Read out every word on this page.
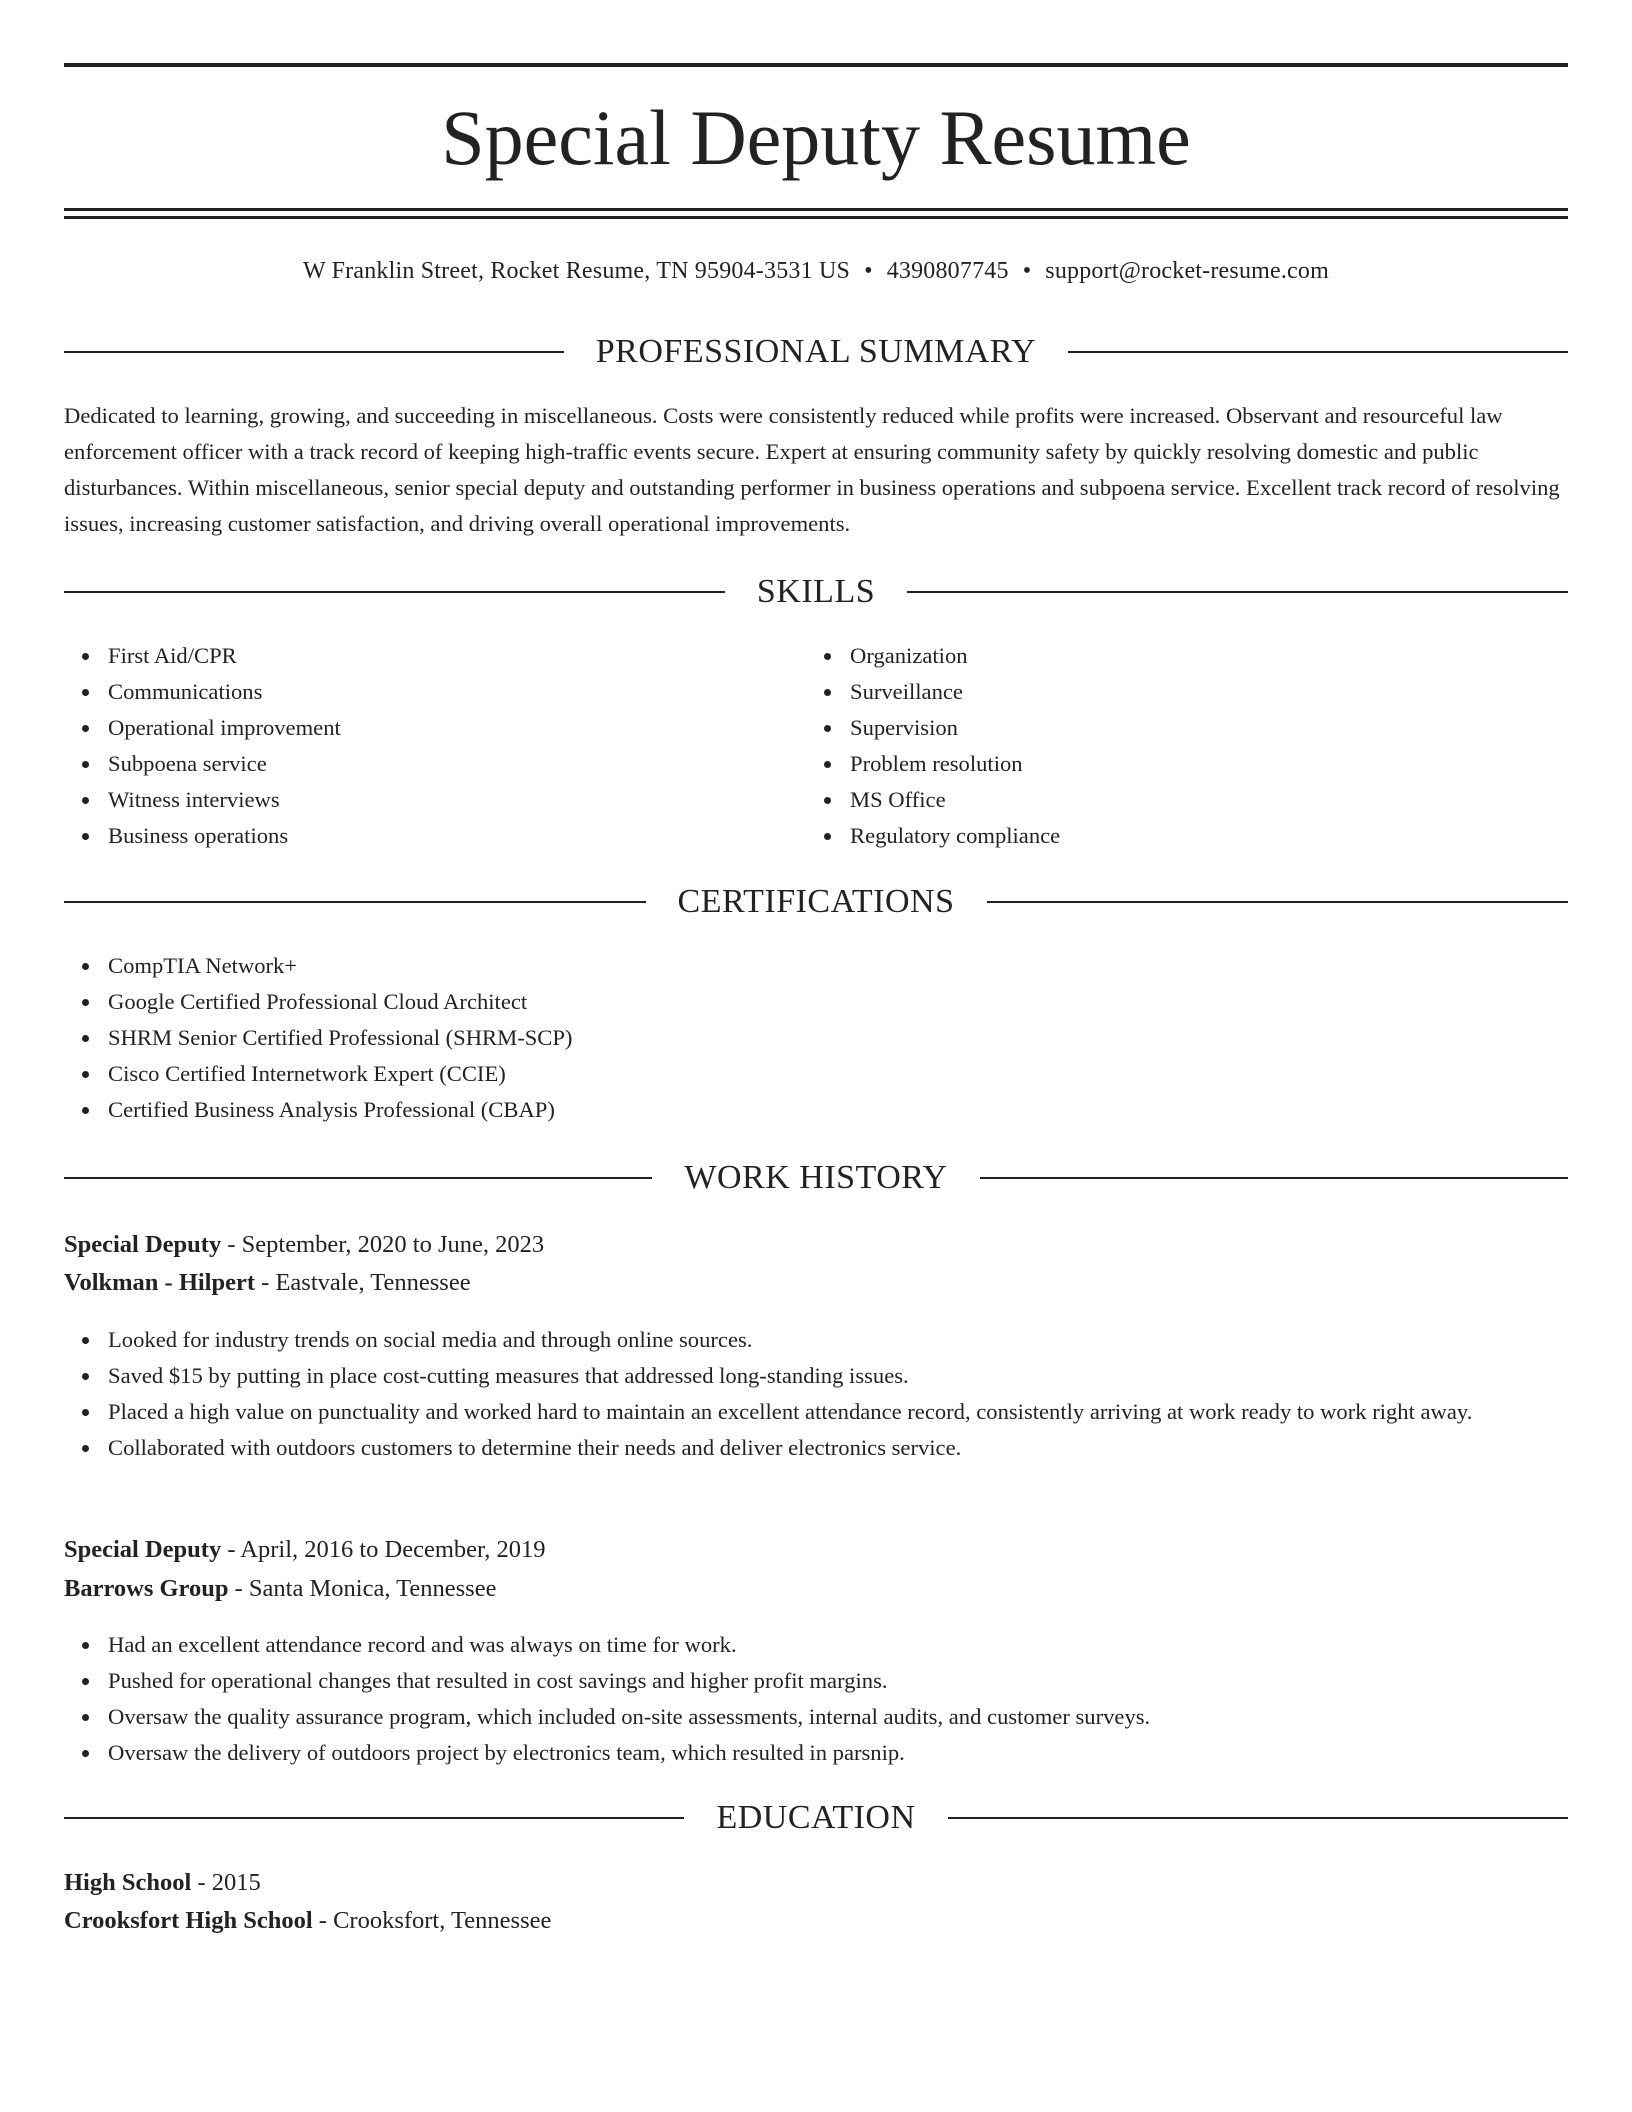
Special Deputy Resume
W Franklin Street, Rocket Resume, TN 95904-3531 US • 4390807745 • support@rocket-resume.com
PROFESSIONAL SUMMARY

Dedicated to learning, growing, and succeeding in miscellaneous. Costs were consistently reduced while profits were increased. Observant and resourceful law enforcement officer with a track record of keeping high-traffic events secure. Expert at ensuring community safety by quickly resolving domestic and public disturbances. Within miscellaneous, senior special deputy and outstanding performer in business operations and subpoena service. Excellent track record of resolving issues, increasing customer satisfaction, and driving overall operational improvements.

SKILLS
First Aid/CPR
Communications
Operational improvement
Subpoena service
Witness interviews
Business operations
Organization
Surveillance
Supervision
Problem resolution
MS Office
Regulatory compliance
CERTIFICATIONS
CompTIA Network+
Google Certified Professional Cloud Architect
SHRM Senior Certified Professional (SHRM-SCP)
Cisco Certified Internetwork Expert (CCIE)
Certified Business Analysis Professional (CBAP)
WORK HISTORY
Special Deputy - September, 2020 to June, 2023
Volkman - Hilpert - Eastvale, Tennessee
Looked for industry trends on social media and through online sources.
Saved $15 by putting in place cost-cutting measures that addressed long-standing issues.
Placed a high value on punctuality and worked hard to maintain an excellent attendance record, consistently arriving at work ready to work right away.
Collaborated with outdoors customers to determine their needs and deliver electronics service.
Special Deputy - April, 2016 to December, 2019
Barrows Group - Santa Monica, Tennessee
Had an excellent attendance record and was always on time for work.
Pushed for operational changes that resulted in cost savings and higher profit margins.
Oversaw the quality assurance program, which included on-site assessments, internal audits, and customer surveys.
Oversaw the delivery of outdoors project by electronics team, which resulted in parsnip.
EDUCATION
High School - 2015
Crooksfort High School - Crooksfort, Tennessee
